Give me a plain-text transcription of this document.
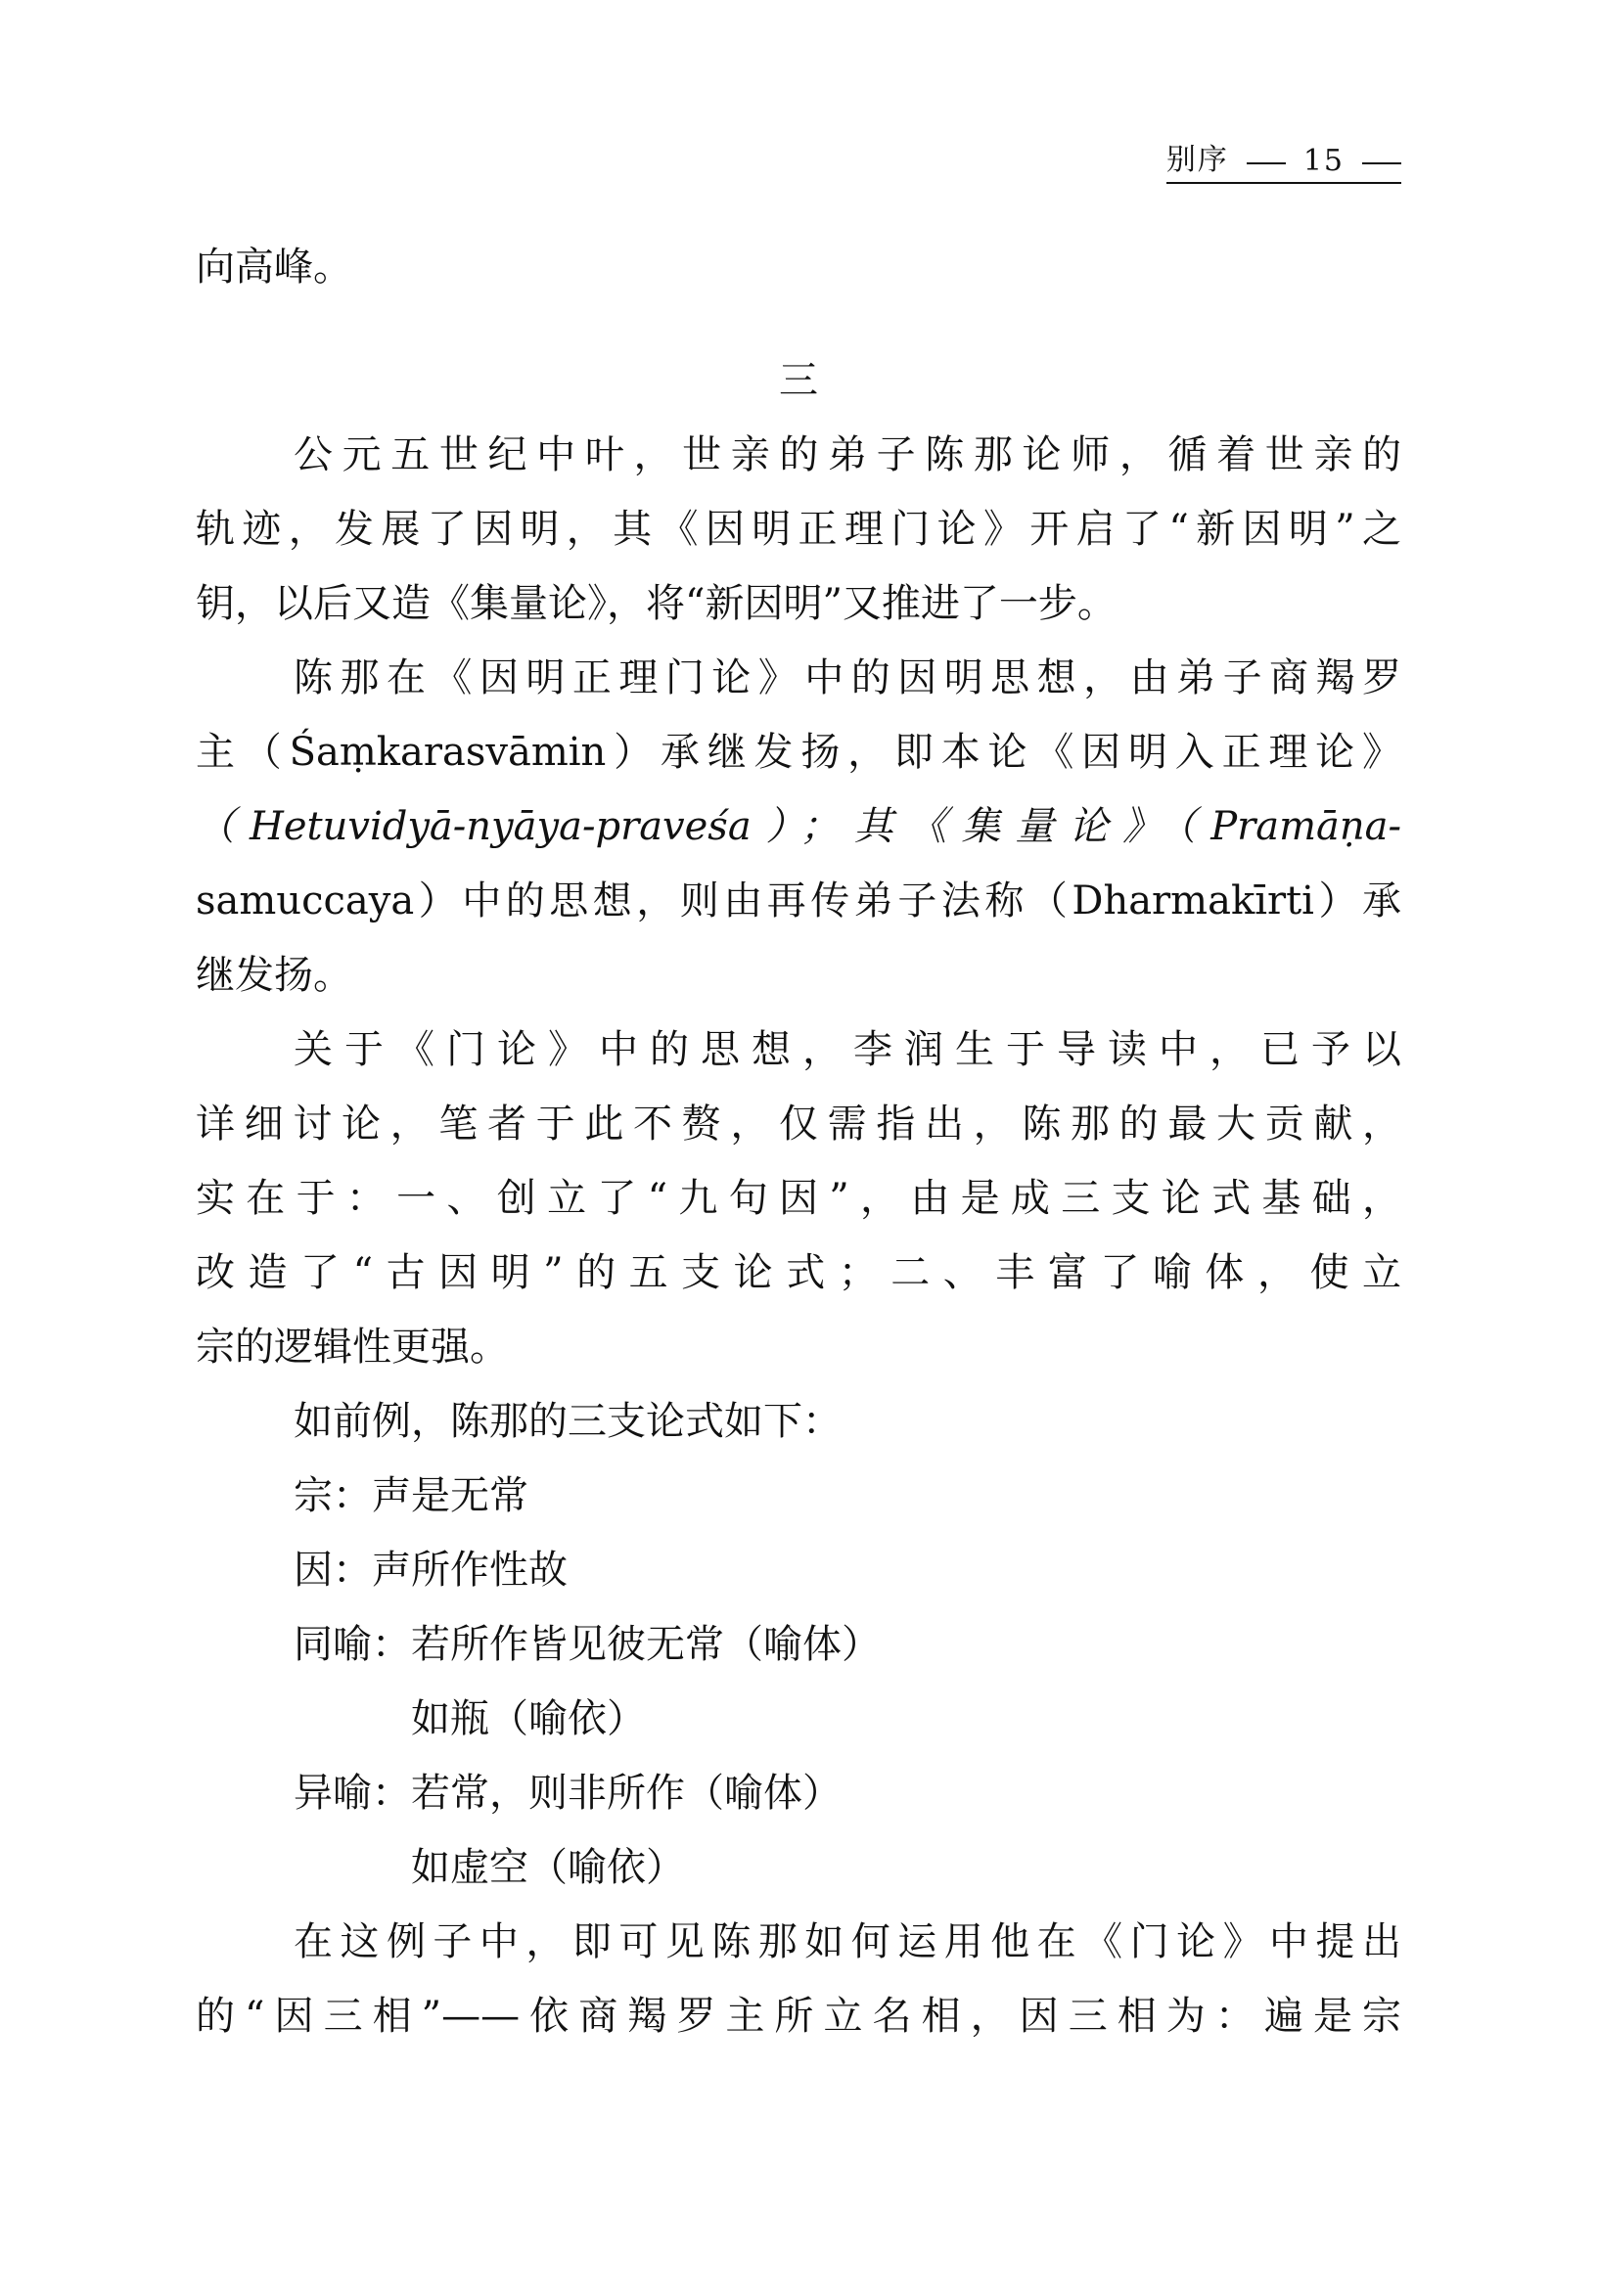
别序	15
向高峰。
三
公元五世纪中叶，世亲的弟子陈那论师，循着世亲的
轨迹，发展了因明，其《因明正理门论》开启了“新因明”之
钥，以后又造《集量论》，将“新因明”又推进了一步。
陈那在《因明正理门论》中的因明思想，由弟子商羯罗
主（Śaṃkarasvāmin）承继发扬，即本论《因明入正理论》
（Hetuvidyā-nyāya-praveśa）；其《集量论》（Pramāṇa-
samuccaya）中的思想，则由再传弟子法称（Dharmakīrti）承
继发扬。
关于《门论》中的思想，李润生于导读中，已予以
详细讨论，笔者于此不赘，仅需指出，陈那的最大贡献，
实在于：一、创立了“九句因”，由是成三支论式基础，
改造了“古因明”的五支论式；二、丰富了喻体，使立
宗的逻辑性更强。
如前例，陈那的三支论式如下：
宗：声是无常
因：声所作性故
同喻：若所作皆见彼无常（喻体）
如瓶（喻依）
异喻：若常，则非所作（喻体）
如虚空（喻依）
在这例子中，即可见陈那如何运用他在《门论》中提出
的“因三相”——依商羯罗主所立名相，因三相为：遍是宗
